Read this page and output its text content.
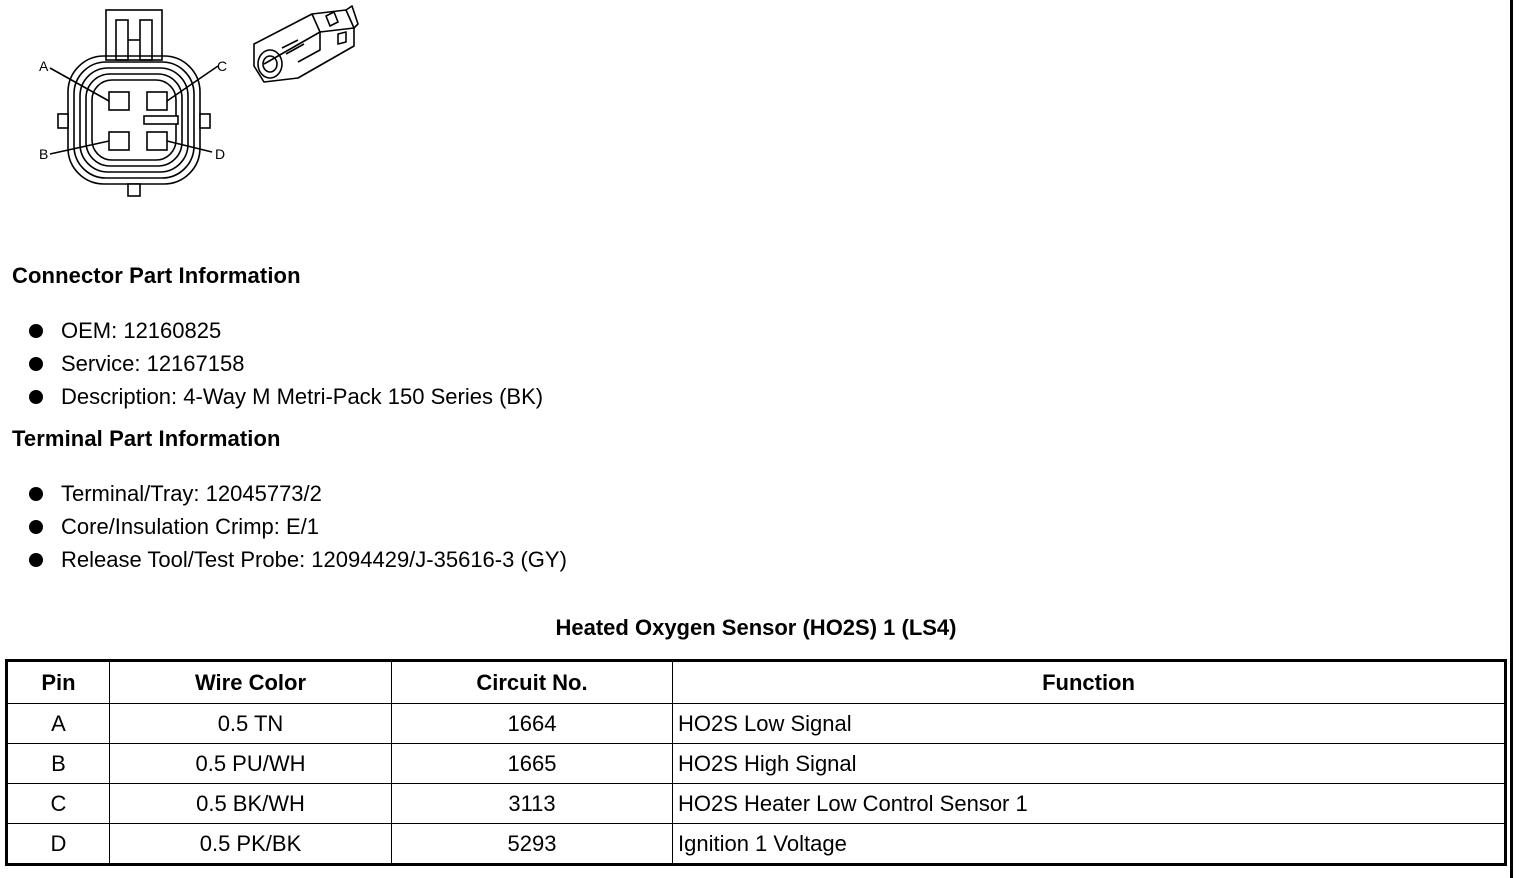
A	C
B	D
Connector Part Information
OEM: 12160825
Service: 12167158
Description: 4-Way M Metri-Pack 150 Series (BK)
Terminal Part Information
Terminal/Tray: 12045773/2
Core/Insulation Crimp: E/1
Release Tool/Test Probe: 12094429/J-35616-3 (GY)
Heated Oxygen Sensor (HO2S) 1 (LS4)
Pin	Wire Color	Circuit No.	Function
A	0.5 TN	1664	HO2S Low Signal
B	0.5 PU/WH	1665	HO2S High Signal
C	0.5 BK/WH	3113	HO2S Heater Low Control Sensor 1
D	0.5 PK/BK	5293	Ignition 1 Voltage
